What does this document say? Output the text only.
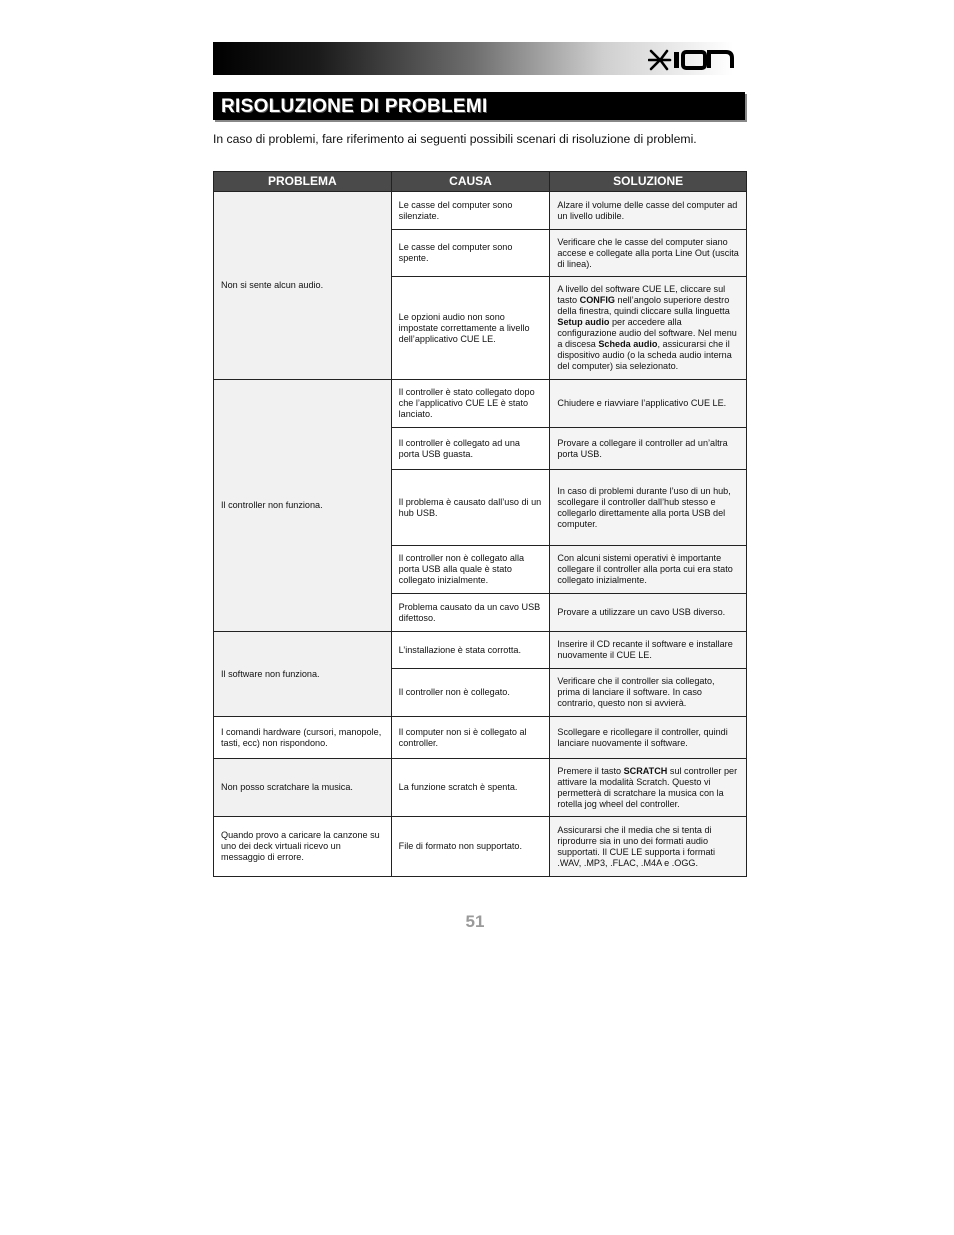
RISOLUZIONE DI PROBLEMI
In caso di problemi, fare riferimento ai seguenti possibili scenari di risoluzione di problemi.
PROBLEMA	CAUSA	SOLUZIONE
Non si sente alcun audio.	Le casse del computer sono silenziate.	Alzare il volume delle casse del computer ad un livello udibile.
	Le casse del computer sono spente.	Verificare che le casse del computer siano accese e collegate alla porta Line Out (uscita di linea).
	Le opzioni audio non sono impostate correttamente a livello dell’applicativo CUE LE.	A livello del software CUE LE, cliccare sul tasto CONFIG nell’angolo superiore destro della finestra, quindi cliccare sulla linguetta Setup audio per accedere alla configurazione audio del software. Nel menu a discesa Scheda audio, assicurarsi che il dispositivo audio (o la scheda audio interna del computer) sia selezionato.
Il controller non funziona.	Il controller è stato collegato dopo che l’applicativo CUE LE è stato lanciato.	Chiudere e riavviare l’applicativo CUE LE.
	Il controller è collegato ad una porta USB guasta.	Provare a collegare il controller ad un’altra porta USB.
	Il problema è causato dall’uso di un hub USB.	In caso di problemi durante l’uso di un hub, scollegare il controller dall’hub stesso e collegarlo direttamente alla porta USB del computer.
	Il controller non è collegato alla porta USB alla quale è stato collegato inizialmente.	Con alcuni sistemi operativi è importante collegare il controller alla porta cui era stato collegato inizialmente.
	Problema causato da un cavo USB difettoso.	Provare a utilizzare un cavo USB diverso.
Il software non funziona.	L’installazione è stata corrotta.	Inserire il CD recante il software e installare nuovamente il CUE LE.
	Il controller non è collegato.	Verificare che il controller sia collegato, prima di lanciare il software. In caso contrario, questo non si avvierà.
I comandi hardware (cursori, manopole, tasti, ecc) non rispondono.	Il computer non si è collegato al controller.	Scollegare e ricollegare il controller, quindi lanciare nuovamente il software.
Non posso scratchare la musica.	La funzione scratch è spenta.	Premere il tasto SCRATCH sul controller per attivare la modalità Scratch. Questo vi permetterà di scratchare la musica con la rotella jog wheel del controller.
Quando provo a caricare la canzone su uno dei deck virtuali ricevo un messaggio di errore.	File di formato non supportato.	Assicurarsi che il media che si tenta di riprodurre sia in uno dei formati audio supportati. Il CUE LE supporta i formati .WAV, .MP3, .FLAC, .M4A e .OGG.
51
